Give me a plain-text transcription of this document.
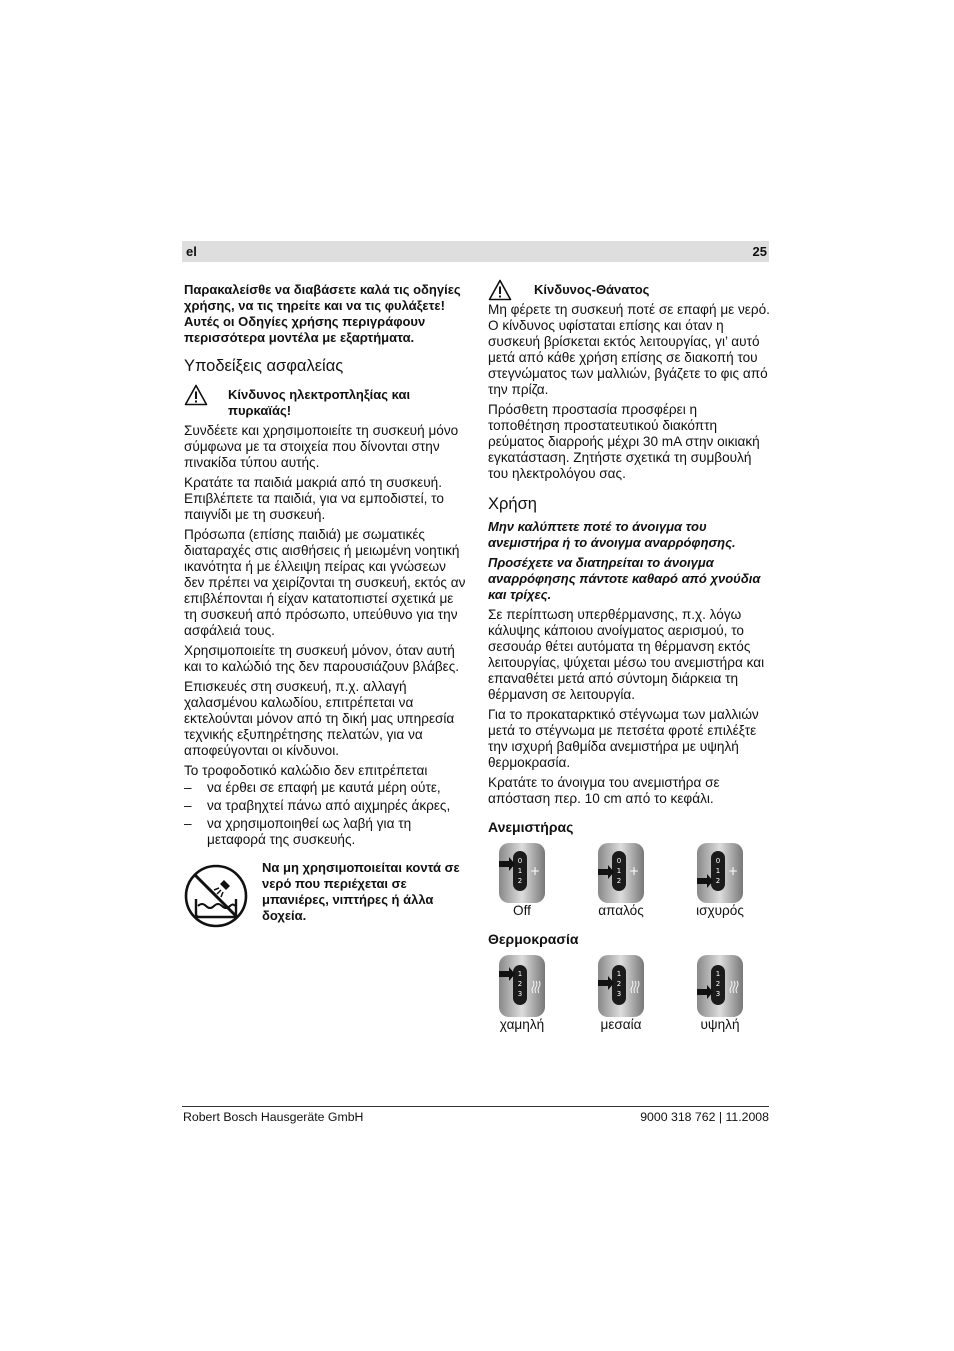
el	25

Παρακαλείσθε να διαβάσετε καλά τις οδηγίες χρήσης, να τις τηρείτε και να τις φυλάξετε! Αυτές οι Οδηγίες χρήσης περιγράφουν περισσότερα μοντέλα με εξαρτήματα.

Υποδείξεις ασφαλείας
Κίνδυνος ηλεκτροπληξίας και πυρκαϊάς!

Συνδέετε και χρησιμοποιείτε τη συσκευή μόνο σύμφωνα με τα στοιχεία που δίνονται στην πινακίδα τύπου αυτής.

Κρατάτε τα παιδιά μακριά από τη συσκευή. Επιβλέπετε τα παιδιά, για να εμποδιστεί, το παιγνίδι με τη συσκευή.

Πρόσωπα (επίσης παιδιά) με σωματικές διαταραχές στις αισθήσεις ή μειωμένη νοητική ικανότητα ή με έλλειψη πείρας και γνώσεων δεν πρέπει να χειρίζονται τη συσκευή, εκτός αν επιβλέπονται ή είχαν κατατοπιστεί σχετικά με τη συσκευή από πρόσωπο, υπεύθυνο για την ασφάλειά τους.

Χρησιμοποιείτε τη συσκευή μόνον, όταν αυτή και το καλώδιό της δεν παρουσιάζουν βλάβες.

Επισκευές στη συσκευή, π.χ. αλλαγή χαλασμένου καλωδίου, επιτρέπεται να εκτελούνται μόνον από τη δική μας υπηρεσία τεχνικής εξυπηρέτησης πελατών, για να αποφεύγονται οι κίνδυνοι.

Το τροφοδοτικό καλώδιο δεν επιτρέπεται

– να έρθει σε επαφή με καυτά μέρη ούτε,
– να τραβηχτεί πάνω από αιχμηρές άκρες,
– να χρησιμοποιηθεί ως λαβή για τη μεταφορά της συσκευής.
Να μη χρησιμοποιείται κοντά σε νερό που περιέχεται σε μπανιέρες, νιπτήρες ή άλλα δοχεία.
Κίνδυνος-Θάνατος

Μη φέρετε τη συσκευή ποτέ σε επαφή με νερό. Ο κίνδυνος υφίσταται επίσης και όταν η συσκευή βρίσκεται εκτός λειτουργίας, γι’ αυτό μετά από κάθε χρήση επίσης σε διακοπή του στεγνώματος των μαλλιών, βγάζετε το φις από την πρίζα.

Πρόσθετη προστασία προσφέρει η τοποθέτηση προστατευτικού διακόπτη ρεύματος διαρροής μέχρι 30 mA στην οικιακή εγκατάσταση. Ζητήστε σχετικά τη συμβουλή του ηλεκτρολόγου σας.

Χρήση

Μην καλύπτετε ποτέ το άνοιγμα του ανεμιστήρα ή το άνοιγμα αναρρόφησης.

Προσέχετε να διατηρείται το άνοιγμα αναρρόφησης πάντοτε καθαρό από χνούδια και τρίχες.

Σε περίπτωση υπερθέρμανσης, π.χ. λόγω κάλυψης κάποιου ανοίγματος αερισμού, το σεσουάρ θέτει αυτόματα τη θέρμανση εκτός λειτουργίας, ψύχεται μέσω του ανεμιστήρα και επαναθέτει μετά από σύντομη διάρκεια τη θέρμανση σε λειτουργία.

Για το προκαταρκτικό στέγνωμα των μαλλιών μετά το στέγνωμα με πετσέτα φροτέ επιλέξτε την ισχυρή βαθμίδα ανεμιστήρα με υψηλή θερμοκρασία.

Κρατάτε το άνοιγμα του ανεμιστήρα σε απόσταση περ. 10 cm από το κεφάλι.

Ανεμιστήρας
0
1
2
+
Off
0
1
2
+
απαλός
0
1
2
+
ισχυρός
Θερμοκρασία
1
2
3
χαμηλή
1
2
3
μεσαία
1
2
3
υψηλή
Robert Bosch Hausgeräte GmbH	9000 318 762 | 11.2008
